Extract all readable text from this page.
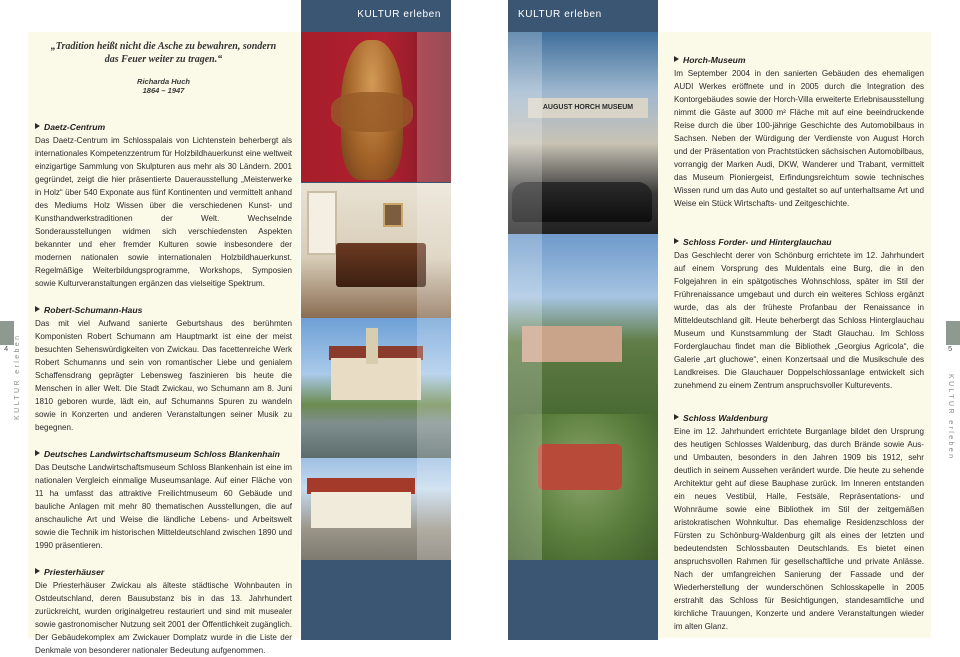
KULTUR erleben
„Tradition heißt nicht die Asche zu bewahren, sondern das Feuer weiter zu tragen.“
Richarda Huch
1864 – 1947
Daetz-Centrum

Das Daetz-Centrum im Schlosspalais von Lichtenstein beherbergt als internationales Kompetenzzentrum für Holzbildhauerkunst eine weltweit einzigartige Sammlung von Skulpturen aus mehr als 30 Ländern. 2001 gegründet, zeigt die hier präsentierte Dauerausstellung „Meisterwerke in Holz“ über 540 Exponate aus fünf Kontinenten und vermittelt anhand des Mediums Holz Wissen über die verschiedenen Kunst- und Kunsthandwerkstraditionen der Welt. Wechselnde Sonderausstellungen widmen sich verschiedensten Aspekten bekannter und eher fremder Kulturen sowie insbesondere der modernen nationalen sowie internationalen Holzbildhauerkunst. Regelmäßige Weiterbildungsprogramme, Workshops, Symposien sowie Kulturveranstaltungen ergänzen das vielseitige Spektrum.

Robert-Schumann-Haus

Das mit viel Aufwand sanierte Geburtshaus des berühmten Komponisten Robert Schumann am Hauptmarkt ist eine der meist besuchten Sehenswürdigkeiten von Zwickau. Das facettenreiche Werk Robert Schumanns und sein von romantischer Liebe und genialem Schaffensdrang geprägter Lebensweg faszinieren bis heute die Menschen in aller Welt. Die Stadt Zwickau, wo Schumann am 8. Juni 1810 geboren wurde, lädt ein, auf Schumanns Spuren zu wandeln sowie in Konzerten und anderen Veranstaltungen seiner Musik zu begegnen.

Deutsches Landwirtschaftsmuseum Schloss Blankenhain

Das Deutsche Landwirtschaftsmuseum Schloss Blankenhain ist eine im nationalen Vergleich einmalige Museumsanlage. Auf einer Fläche von 11 ha umfasst das attraktive Freilichtmuseum 60 Gebäude und bauliche Anlagen mit mehr 80 thematischen Ausstellungen, die auf anschauliche Art und Weise die ländliche Lebens- und Arbeitswelt sowie die Technik im historischen Mitteldeutschland zwischen 1890 und 1990 präsentieren.

Priesterhäuser

Die Priesterhäuser Zwickau als älteste städtische Wohnbauten in Ostdeutschland, deren Bausubstanz bis in das 13. Jahrhundert zurückreicht, wurden originalgetreu restauriert und sind mit musealer sowie gastronomischer Nutzung seit 2001 der Öffentlichkeit zugänglich. Der Gebäudekomplex am Zwickauer Domplatz wurde in die Liste der Denkmale von besonderer nationaler Bedeutung aufgenommen.

4 KULTUR erleben
KULTUR erleben
AUGUST HORCH MUSEUM
Horch-Museum

Im September 2004 in den sanierten Gebäuden des ehemaligen AUDI Werkes eröffnete und in 2005 durch die Integration des Kontorgebäudes sowie der Horch-Villa erweiterte Erlebnisausstellung nimmt die Gäste auf 3000 m² Fläche mit auf eine beeindruckende Reise durch die über 100-jährige Geschichte des Automobilbaus in Sachsen. Neben der Würdigung der Verdienste von August Horch und der Präsentation von Prachtstücken sächsischen Automobilbaus, vorrangig der Marken Audi, DKW, Wanderer und Trabant, vermittelt das Museum Pioniergeist, Erfindungsreichtum sowie technisches Wissen rund um das Auto und gestaltet so auf unterhaltsame Art und Weise ein Stück Wirtschafts- und Zeitgeschichte.

Schloss Forder- und Hinterglauchau

Das Geschlecht derer von Schönburg errichtete im 12. Jahrhundert auf einem Vorsprung des Muldentals eine Burg, die in den Folgejahren in ein spätgotisches Wohnschloss, später im Stil der Frührenaissance umgebaut und durch ein weiteres Schloss ergänzt wurde, das als der früheste Profanbau der Renaissance in Mitteldeutschland gilt. Heute beherbergt das Schloss Hinterglauchau Museum und Kunstsammlung der Stadt Glauchau. Im Schloss Forderglauchau findet man die Bibliothek „Georgius Agricola“, die Galerie „art gluchowe“, einen Konzertsaal und die Musikschule des Landkreises. Die Glauchauer Doppelschlossanlage entwickelt sich zunehmend zu einem Zentrum anspruchsvoller Kulturevents.

Schloss Waldenburg

Eine im 12. Jahrhundert errichtete Burganlage bildet den Ursprung des heutigen Schlosses Waldenburg, das durch Brände sowie Aus- und Umbauten, besonders in den Jahren 1909 bis 1912, sehr deutlich in seinem Aussehen verändert wurde. Die heute zu sehende Architektur geht auf diese Bauphase zurück. Im Inneren entstanden ein neues Vestibül, Halle, Festsäle, Repräsentations- und Wohnräume sowie eine Bibliothek im Stil der zeitgemäßen aristokratischen Wohnkultur. Das ehemalige Residenzschloss der Fürsten zu Schönburg-Waldenburg gilt als eines der letzten und bedeutendsten Schlossbauten Deutschlands. Es bietet einen anspruchsvollen Rahmen für gesellschaftliche und private Anlässe. Nach der umfangreichen Sanierung der Fassade und der Wiederherstellung der wunderschönen Schlosskapelle in 2005 erstrahlt das Schloss für Besichtigungen, standesamtliche und kirchliche Trauungen, Konzerte und andere Veranstaltungen wieder im alten Glanz.

5
KULTUR erleben
